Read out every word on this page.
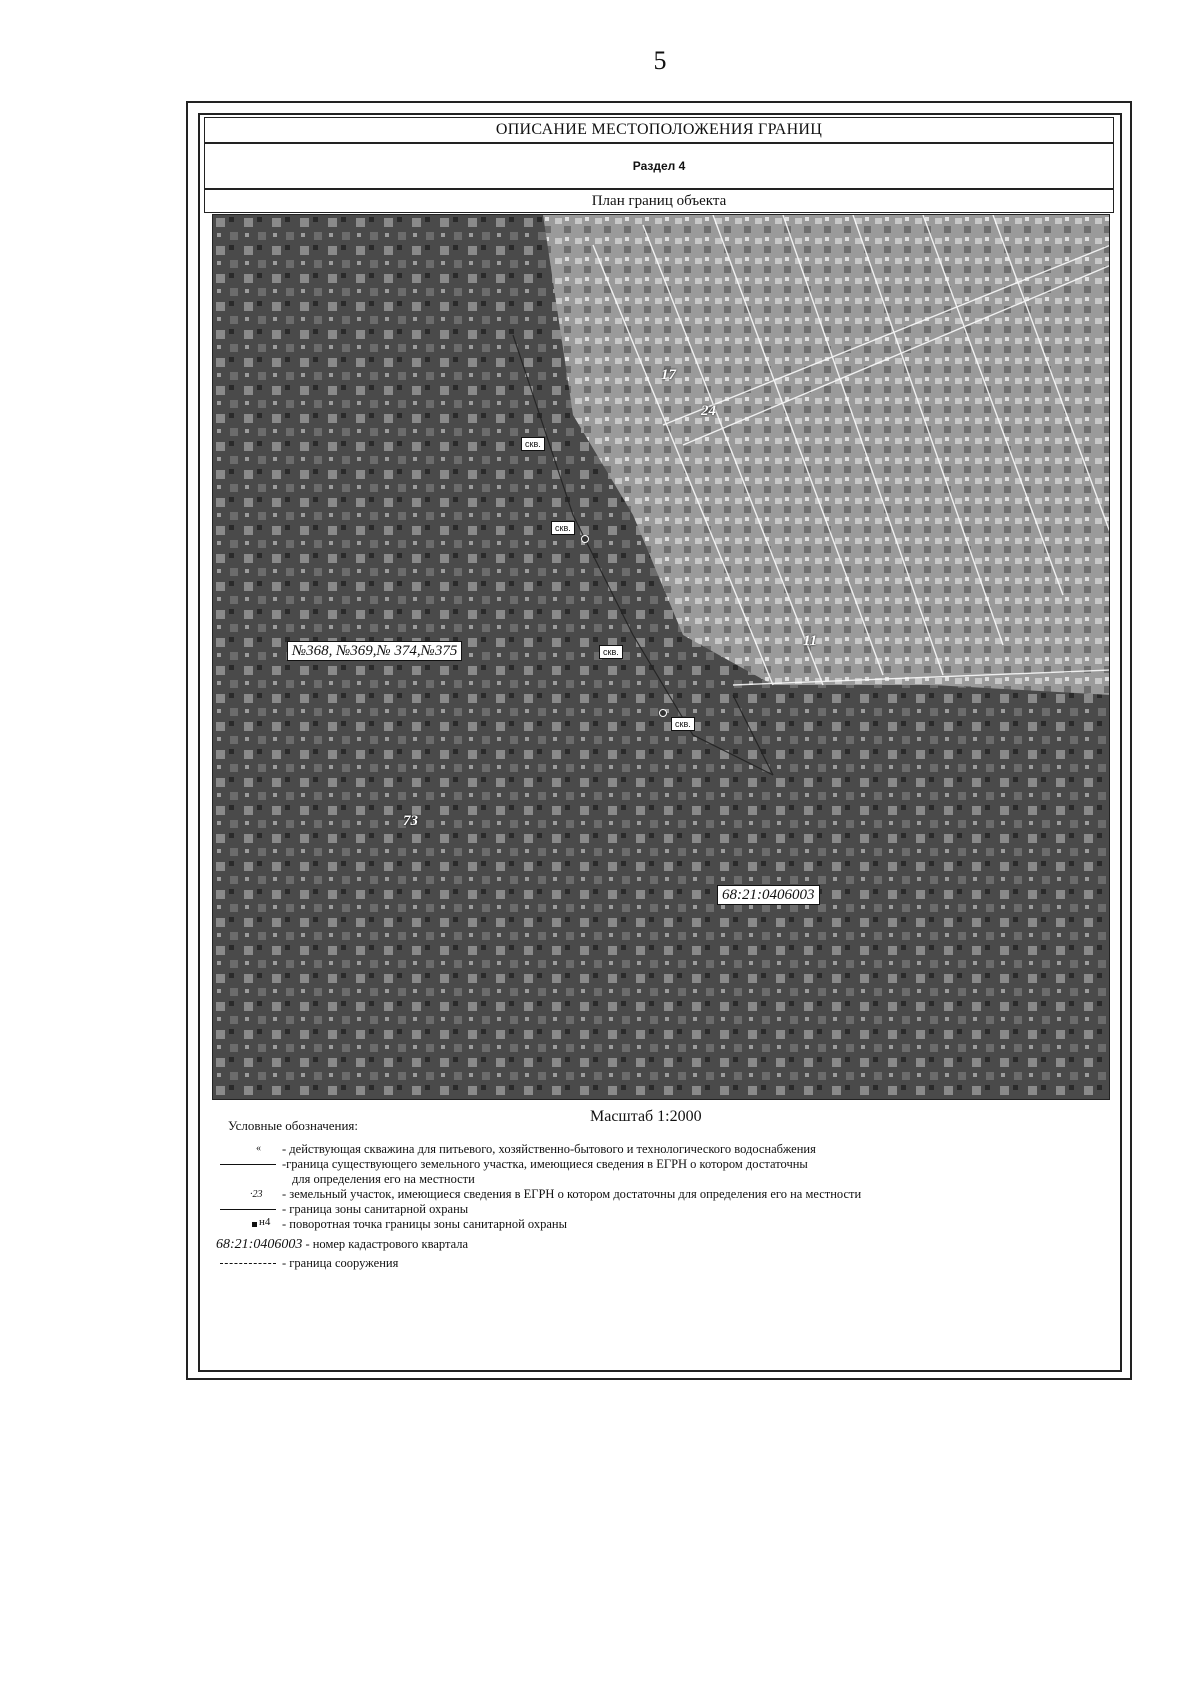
5
ОПИСАНИЕ МЕСТОПОЛОЖЕНИЯ ГРАНИЦ
Раздел 4
План границ объекта
17
24
11
73
скв.
скв.
скв.
скв.
№368, №369,№ 374,№375
68:21:0406003
Масштаб 1:2000
Условные обозначения:
« - действующая скважина для питьевого, хозяйственно-бытового и технологического водоснабжения
-граница существующего земельного участка, имеющиеся сведения в ЕГРН о котором достаточны
для определения его на местности
·23 - земельный участок, имеющиеся сведения в ЕГРН о котором достаточны для определения его на местности
- граница зоны санитарной охраны
н4 - поворотная точка границы зоны санитарной охраны
68:21:0406003 - номер кадастрового квартала
- граница сооружения
